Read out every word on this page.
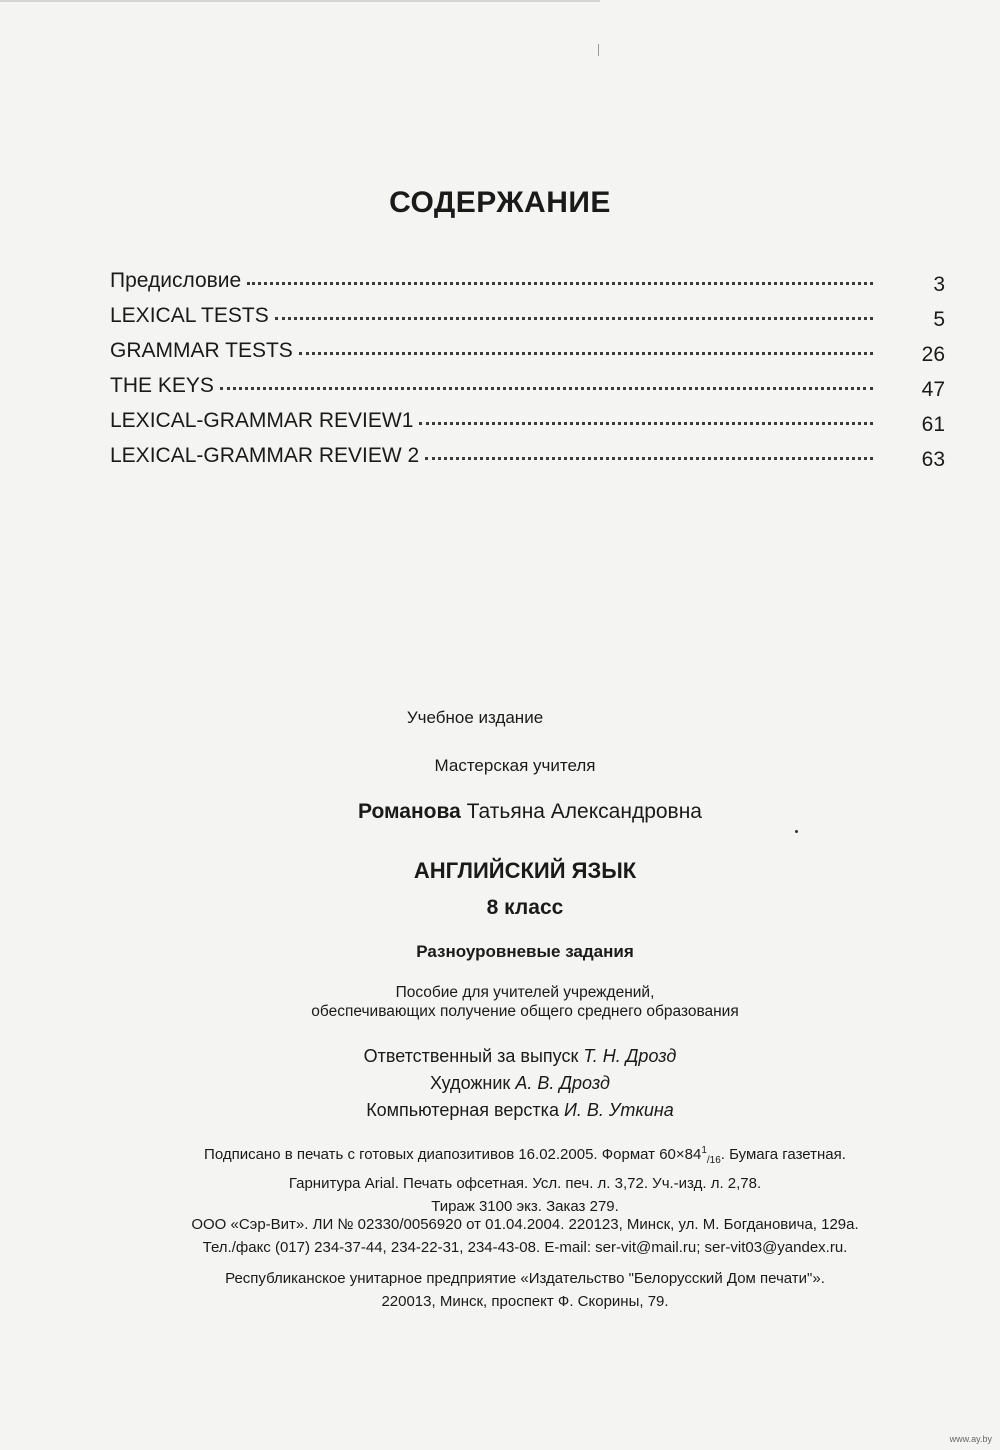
СОДЕРЖАНИЕ
Предисловие	3
LEXICAL TESTS	5
GRAMMAR TESTS	26
THE KEYS	47
LEXICAL-GRAMMAR REVIEW1	61
LEXICAL-GRAMMAR REVIEW 2	63
Учебное издание
Мастерская учителя
Романова Татьяна Александровна
АНГЛИЙСКИЙ ЯЗЫК
8 класс
Разноуровневые задания
Пособие для учителей учреждений,
обеспечивающих получение общего среднего образования
Ответственный за выпуск Т. Н. Дрозд
Художник А. В. Дрозд
Компьютерная верстка И. В. Уткина
Подписано в печать с готовых диапозитивов 16.02.2005. Формат $60\times 84^1_{/16}$. Бумага газетная.
Гарнитура Arial. Печать офсетная. Усл. печ. л. 3,72. Уч.-изд. л. 2,78.
Тираж 3100 экз. Заказ 279.
ООО «Сэр-Вит». ЛИ № 02330/0056920 от 01.04.2004. 220123, Минск, ул. М. Богдановича, 129а.
Тел./факс (017) 234-37-44, 234-22-31, 234-43-08. E-mail: ser-vit@mail.ru; ser-vit03@yandex.ru.
Республиканское унитарное предприятие «Издательство "Белорусский Дом печати"».
220013, Минск, проспект Ф. Скорины, 79.
www.ay.by
